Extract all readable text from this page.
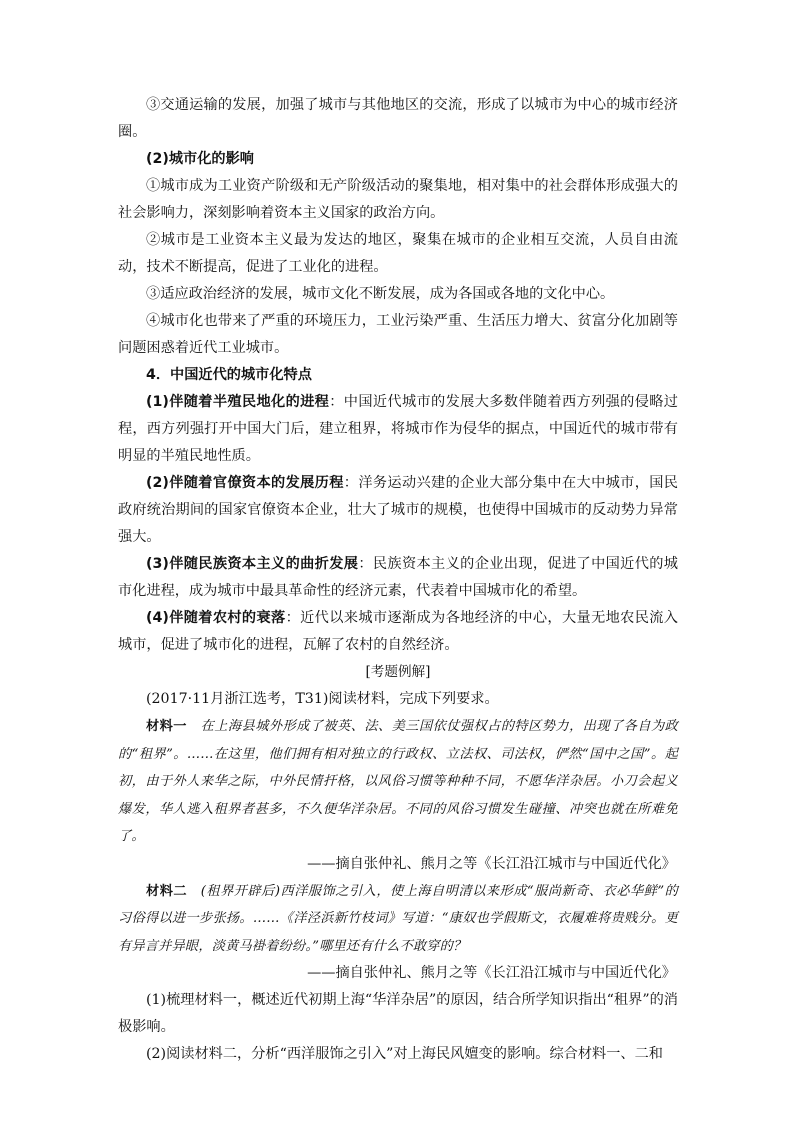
③交通运输的发展，加强了城市与其他地区的交流，形成了以城市为中心的城市经济圈。

(2)城市化的影响

①城市成为工业资产阶级和无产阶级活动的聚集地，相对集中的社会群体形成强大的社会影响力，深刻影响着资本主义国家的政治方向。

②城市是工业资本主义最为发达的地区，聚集在城市的企业相互交流，人员自由流动，技术不断提高，促进了工业化的进程。

③适应政治经济的发展，城市文化不断发展，成为各国或各地的文化中心。

④城市化也带来了严重的环境压力，工业污染严重、生活压力增大、贫富分化加剧等问题困惑着近代工业城市。

4．中国近代的城市化特点

(1)伴随着半殖民地化的进程：中国近代城市的发展大多数伴随着西方列强的侵略过程，西方列强打开中国大门后，建立租界，将城市作为侵华的据点，中国近代的城市带有明显的半殖民地性质。

(2)伴随着官僚资本的发展历程：洋务运动兴建的企业大部分集中在大中城市，国民政府统治期间的国家官僚资本企业，壮大了城市的规模，也使得中国城市的反动势力异常强大。

(3)伴随民族资本主义的曲折发展：民族资本主义的企业出现，促进了中国近代的城市化进程，成为城市中最具革命性的经济元素，代表着中国城市化的希望。

(4)伴随着农村的衰落：近代以来城市逐渐成为各地经济的中心，大量无地农民流入城市，促进了城市化的进程，瓦解了农村的自然经济。

[考题例解]

(2017·11月浙江选考，T31)阅读材料，完成下列要求。

材料一　在上海县城外形成了被英、法、美三国依仗强权占的特区势力，出现了各自为政的“租界”。……在这里，他们拥有相对独立的行政权、立法权、司法权，俨然“国中之国”。起初，由于外人来华之际，中外民情扞格，以风俗习惯等种种不同，不愿华洋杂居。小刀会起义爆发，华人逃入租界者甚多，不久便华洋杂居。不同的风俗习惯发生碰撞、冲突也就在所难免了。

——摘自张仲礼、熊月之等《长江沿江城市与中国近代化》

材料二　(租界开辟后)西洋服饰之引入，使上海自明清以来形成“服尚新奇、衣必华鲜”的习俗得以进一步张扬。……《洋泾浜新竹枝词》写道：“康奴也学假斯文，衣履难将贵贱分。更有异言并异眼，淡黄马褂着纷纷。”哪里还有什么不敢穿的？

——摘自张仲礼、熊月之等《长江沿江城市与中国近代化》

(1)梳理材料一，概述近代初期上海“华洋杂居”的原因，结合所学知识指出“租界”的消极影响。

(2)阅读材料二，分析“西洋服饰之引入”对上海民风嬗变的影响。综合材料一、二和
